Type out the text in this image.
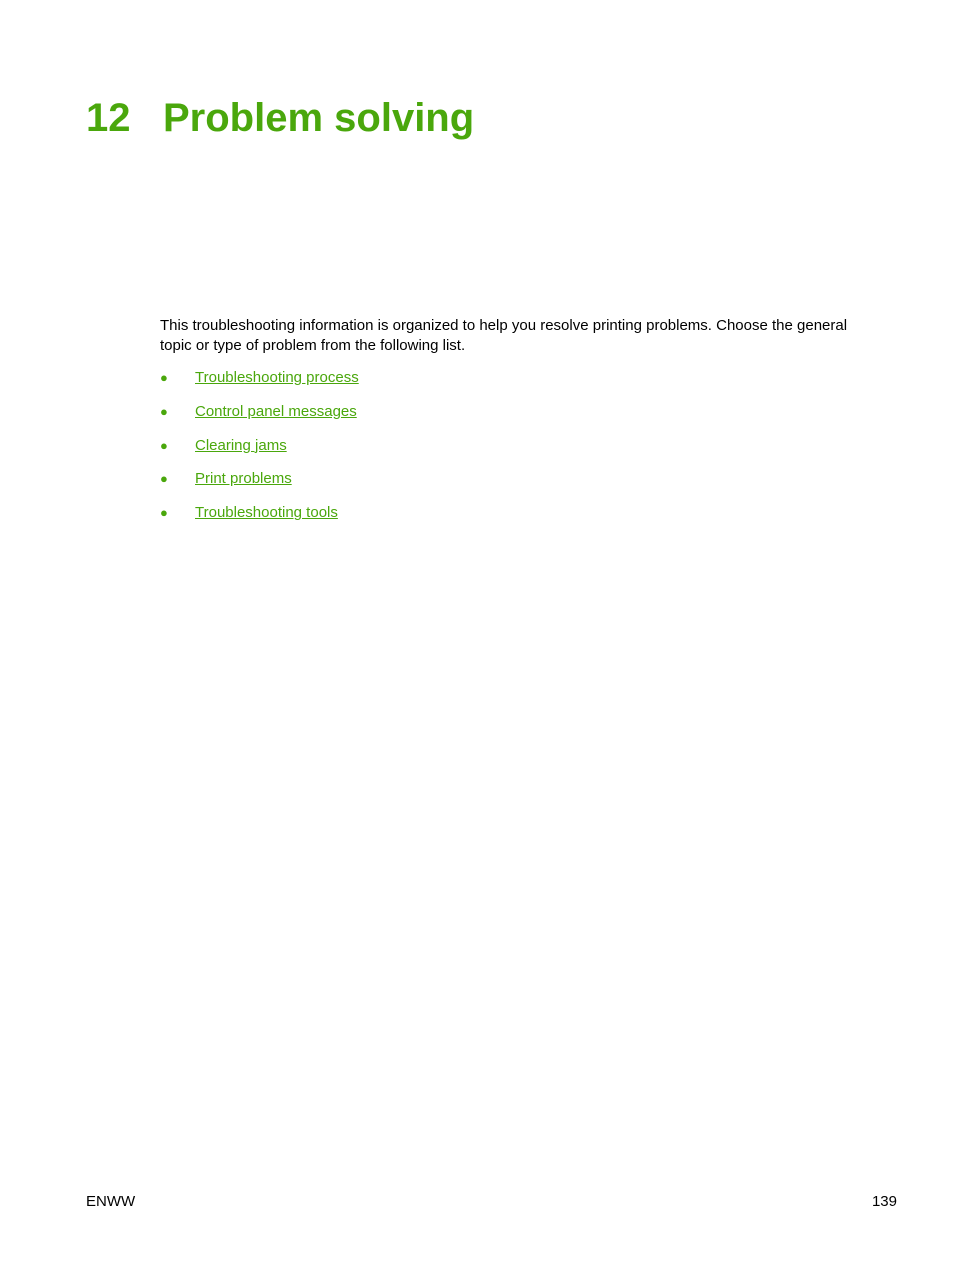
12 Problem solving

This troubleshooting information is organized to help you resolve printing problems. Choose the general topic or type of problem from the following list.

●	Troubleshooting process
●	Control panel messages
●	Clearing jams
●	Print problems
●	Troubleshooting tools
ENWW	139
